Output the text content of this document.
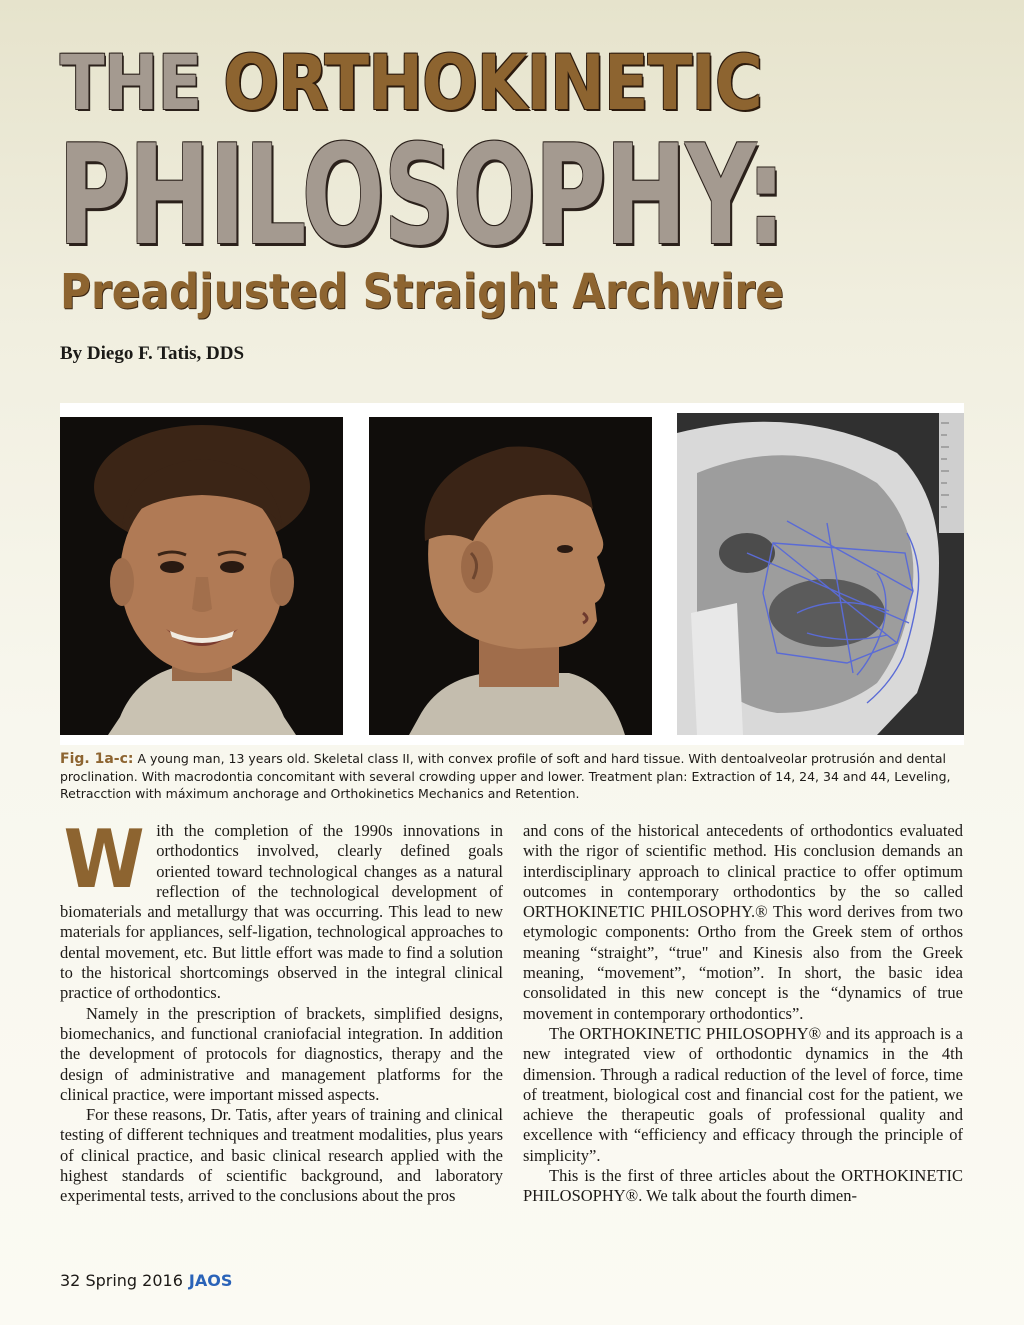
THE ORTHOKINETIC
PHILOSOPHY:
Preadjusted Straight Archwire
By Diego F. Tatis, DDS
Fig. 1a-c: A young man, 13 years old. Skeletal class II, with convex profile of soft and hard tissue. With dentoalveolar protrusión and dental proclination. With macrodontia concomitant with several crowding upper and lower. Treatment plan: Extraction of 14, 24, 34 and 44, Leveling, Retracction with máximum anchorage and Orthokinetics Mechanics and Retention.

With the completion of the 1990s innovations in orthodontics involved, clearly defined goals oriented toward technological changes as a natural reflection of the technological development of biomaterials and metallurgy that was occurring. This lead to new materials for appliances, self-ligation, technological approaches to dental movement, etc. But little effort was made to find a solution to the historical shortcomings observed in the integral clinical practice of orthodontics.

Namely in the prescription of brackets, simplified designs, biomechanics, and functional craniofacial integration. In addition the development of protocols for diagnostics, therapy and the design of administrative and management platforms for the clinical practice, were important missed aspects.

For these reasons, Dr. Tatis, after years of training and clinical testing of different techniques and treatment modalities, plus years of clinical practice, and basic clinical research applied with the highest standards of scientific background, and laboratory experimental tests, arrived to the conclusions about the pros

and cons of the historical antecedents of orthodontics evaluated with the rigor of scientific method. His conclusion demands an interdisciplinary approach to clinical practice to offer optimum outcomes in contemporary orthodontics by the so called ORTHOKINETIC PHILOSOPHY.® This word derives from two etymologic components: Ortho from the Greek stem of orthos meaning “straight”, “true" and Kinesis also from the Greek meaning, “movement”, “motion”. In short, the basic idea consolidated in this new concept is the “dynamics of true movement in contemporary orthodontics”.

The ORTHOKINETIC PHILOSOPHY® and its approach is a new integrated view of orthodontic dynamics in the 4th dimension. Through a radical reduction of the level of force, time of treatment, biological cost and financial cost for the patient, we achieve the therapeutic goals of professional quality and excellence with “efficiency and efficacy through the principle of simplicity”.

This is the first of three articles about the ORTHOKINETIC PHILOSOPHY®. We talk about the fourth dimen-

32 Spring 2016 JAOS
